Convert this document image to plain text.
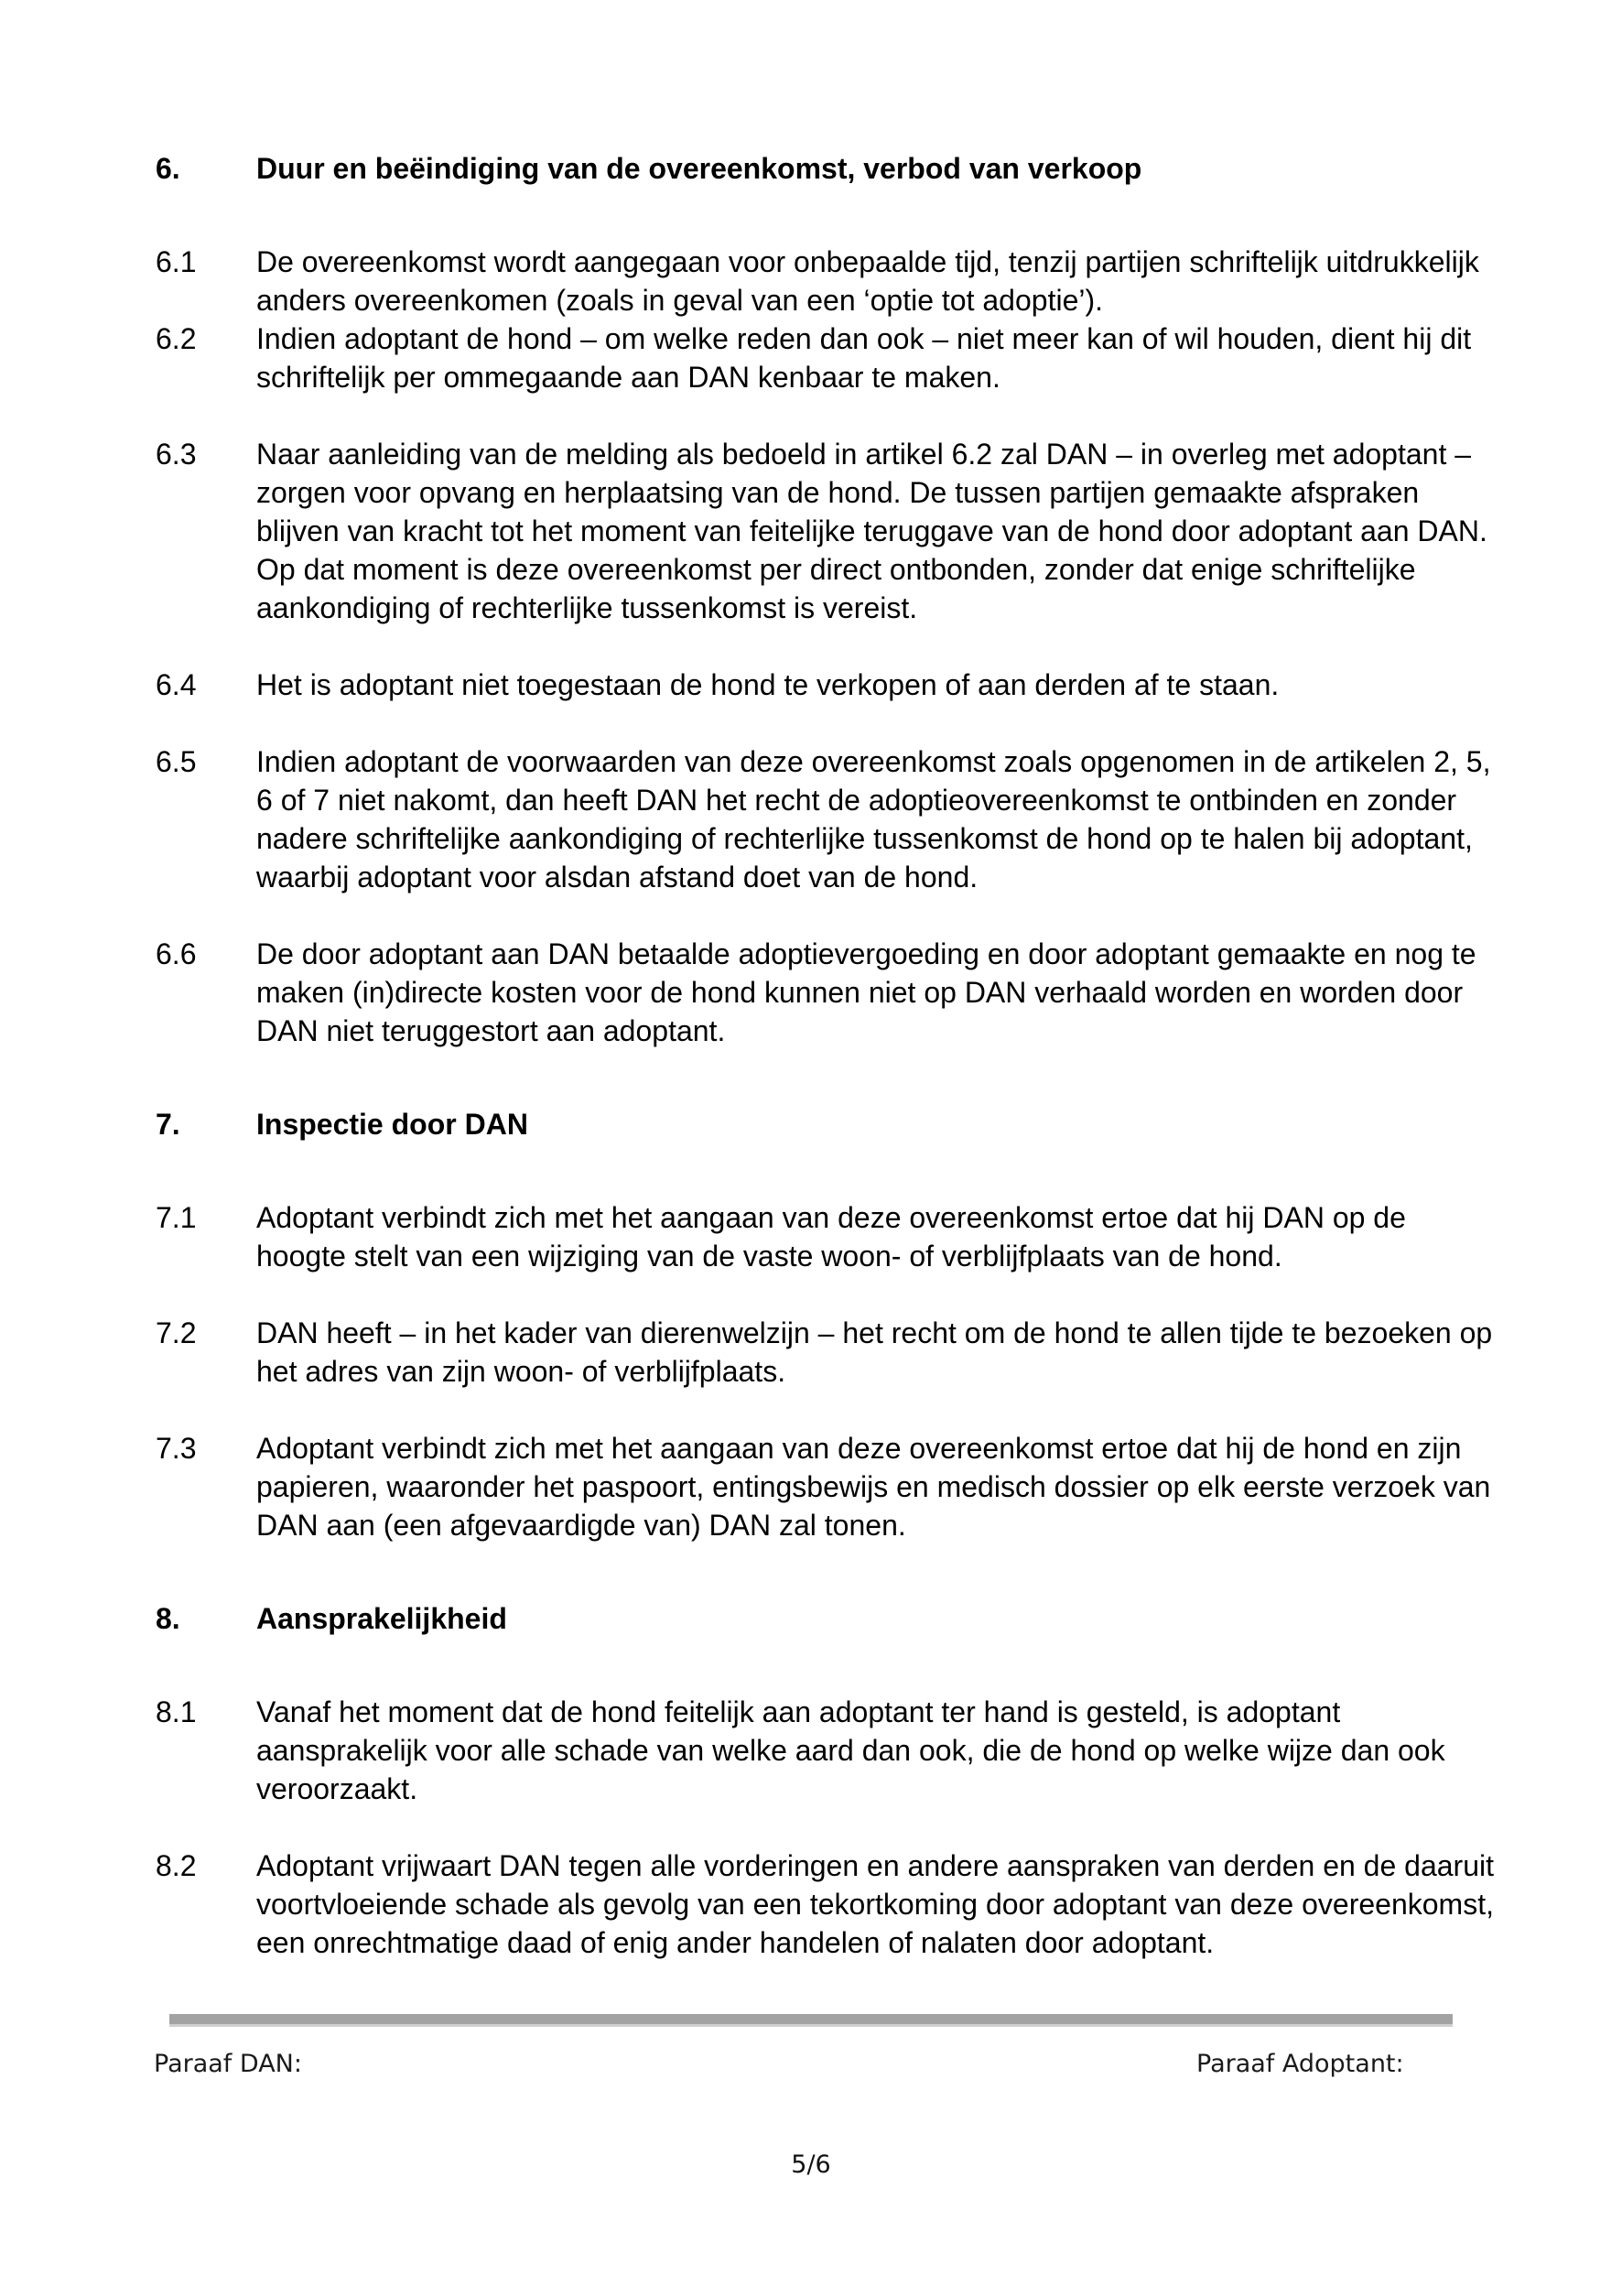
6.	Duur en beëindiging van de overeenkomst, verbod van verkoop
6.1	De overeenkomst wordt aangegaan voor onbepaalde tijd, tenzij partijen schriftelijk uitdrukkelijk anders overeenkomen (zoals in geval van een ‘optie tot adoptie’).
6.2	Indien adoptant de hond – om welke reden dan ook – niet meer kan of wil houden, dient hij dit schriftelijk per ommegaande aan DAN kenbaar te maken.
6.3	Naar aanleiding van de melding als bedoeld in artikel 6.2 zal DAN – in overleg met adoptant – zorgen voor opvang en herplaatsing van de hond. De tussen partijen gemaakte afspraken blijven van kracht tot het moment van feitelijke teruggave van de hond door adoptant aan DAN. Op dat moment is deze overeenkomst per direct ontbonden, zonder dat enige schriftelijke aankondiging of rechterlijke tussenkomst is vereist.
6.4	Het is adoptant niet toegestaan de hond te verkopen of aan derden af te staan.
6.5	Indien adoptant de voorwaarden van deze overeenkomst zoals opgenomen in de artikelen 2, 5, 6 of 7 niet nakomt, dan heeft DAN het recht de adoptieovereenkomst te ontbinden en zonder nadere schriftelijke aankondiging of rechterlijke tussenkomst de hond op te halen bij adoptant, waarbij adoptant voor alsdan afstand doet van de hond.
6.6	De door adoptant aan DAN betaalde adoptievergoeding en door adoptant gemaakte en nog te maken (in)directe kosten voor de hond kunnen niet op DAN verhaald worden en worden door DAN niet teruggestort aan adoptant.
7.	Inspectie door DAN
7.1	Adoptant verbindt zich met het aangaan van deze overeenkomst ertoe dat hij DAN op de hoogte stelt van een wijziging van de vaste woon- of verblijfplaats van de hond.
7.2	DAN heeft – in het kader van dierenwelzijn – het recht om de hond te allen tijde te bezoeken op het adres van zijn woon- of verblijfplaats.
7.3	Adoptant verbindt zich met het aangaan van deze overeenkomst ertoe dat hij de hond en zijn papieren, waaronder het paspoort, entingsbewijs en medisch dossier op elk eerste verzoek van DAN aan (een afgevaardigde van) DAN zal tonen.
8.	Aansprakelijkheid
8.1	Vanaf het moment dat de hond feitelijk aan adoptant ter hand is gesteld, is adoptant aansprakelijk voor alle schade van welke aard dan ook, die de hond op welke wijze dan ook veroorzaakt.
8.2	Adoptant vrijwaart DAN tegen alle vorderingen en andere aanspraken van derden en de daaruit voortvloeiende schade als gevolg van een tekortkoming door adoptant van deze overeenkomst, een onrechtmatige daad of enig ander handelen of nalaten door adoptant.
Paraaf DAN:	Paraaf Adoptant:
5/6
